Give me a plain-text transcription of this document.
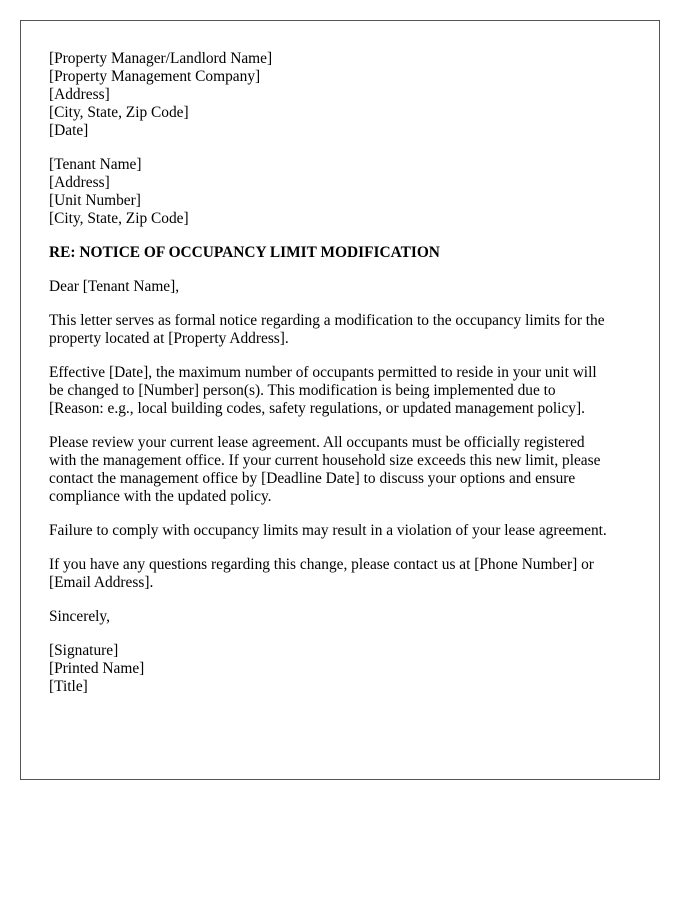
[Property Manager/Landlord Name]
[Property Management Company]
[Address]
[City, State, Zip Code]
[Date]
[Tenant Name]
[Address]
[Unit Number]
[City, State, Zip Code]

RE: NOTICE OF OCCUPANCY LIMIT MODIFICATION

Dear [Tenant Name],

This letter serves as formal notice regarding a modification to the occupancy limits for the
property located at [Property Address].

Effective [Date], the maximum number of occupants permitted to reside in your unit will
be changed to [Number] person(s). This modification is being implemented due to
[Reason: e.g., local building codes, safety regulations, or updated management policy].

Please review your current lease agreement. All occupants must be officially registered
with the management office. If your current household size exceeds this new limit, please
contact the management office by [Deadline Date] to discuss your options and ensure
compliance with the updated policy.

Failure to comply with occupancy limits may result in a violation of your lease agreement.

If you have any questions regarding this change, please contact us at [Phone Number] or
[Email Address].

Sincerely,

[Signature]
[Printed Name]
[Title]
